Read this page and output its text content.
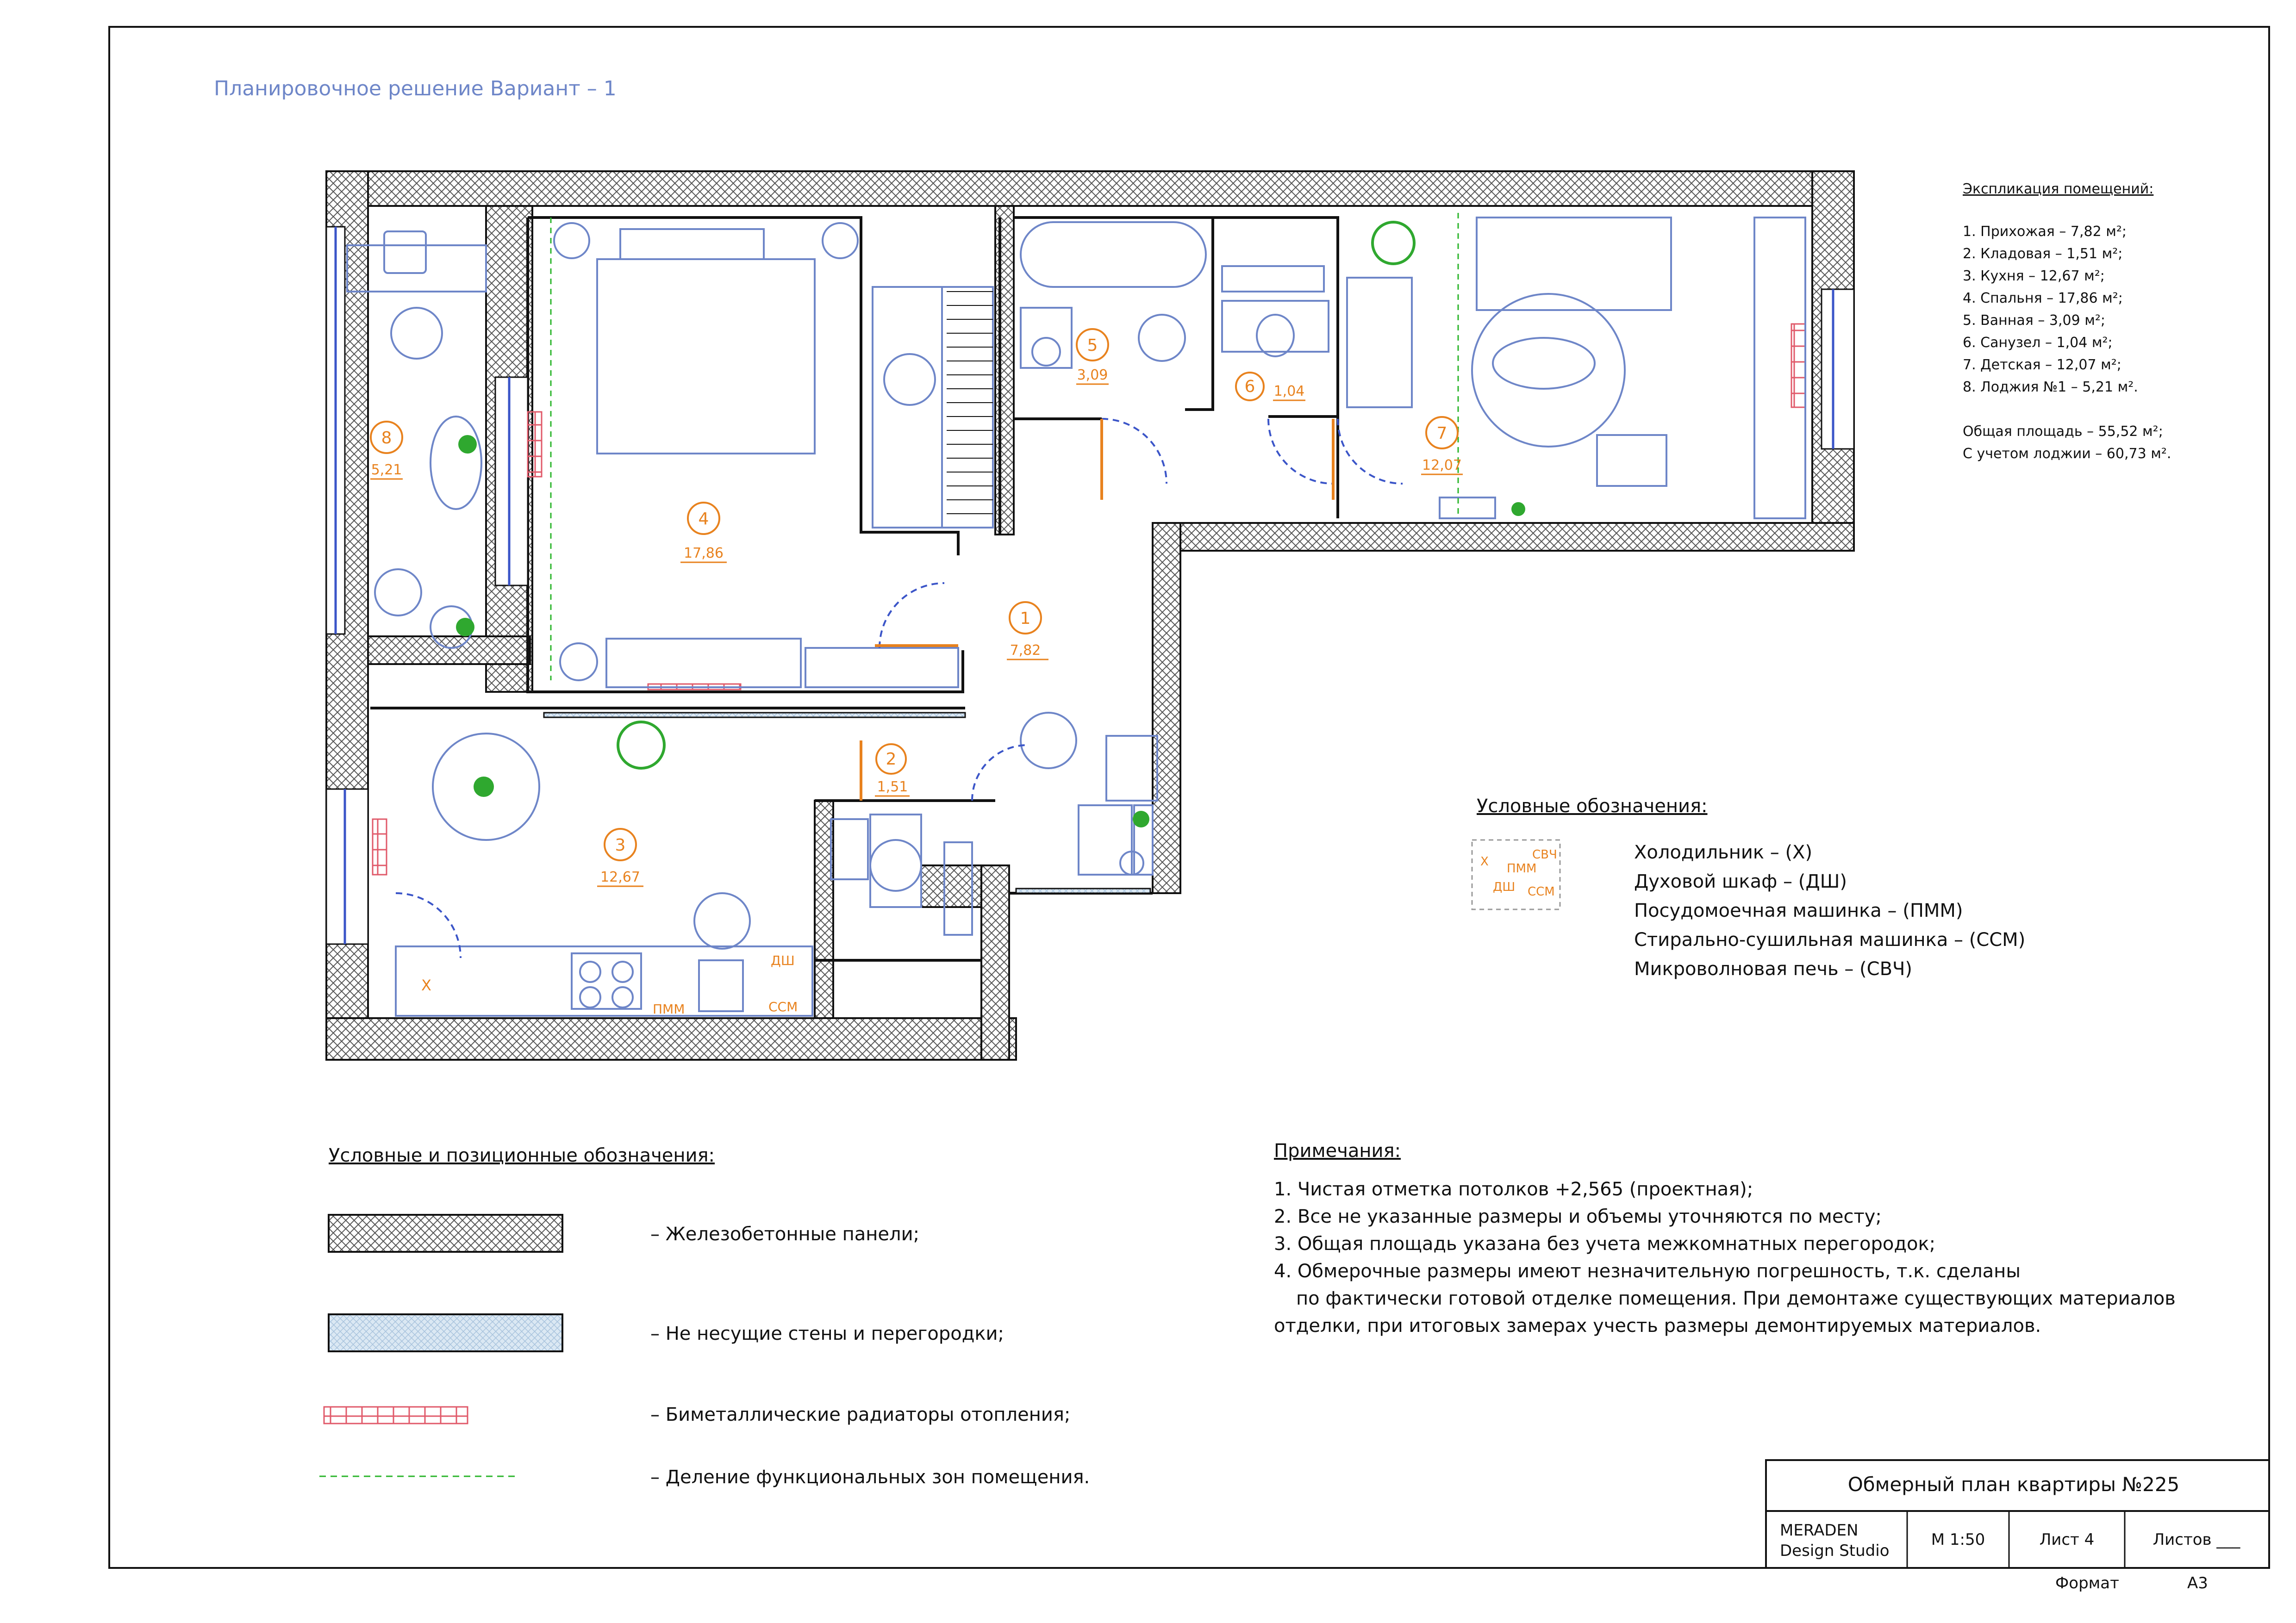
Планировочное решение Вариант – 1
1
7,82
2
1,51
3
12,67
4
17,86
5
3,09
6 1,04
7
12,07
8
5,21
Х
ПММ
ДШ
ССМ
Экспликация помещений:
1. Прихожая – 7,82 м²;
2. Кладовая – 1,51 м²;
3. Кухня – 12,67 м²;
4. Спальня – 17,86 м²;
5. Ванная – 3,09 м²;
6. Санузел – 1,04 м²;
7. Детская – 12,07 м²;
8. Лоджия №1 – 5,21 м².
Общая площадь – 55,52 м²;
С учетом лоджии – 60,73 м².
Условные обозначения:
Х ПММ
СВЧ
ДШ ССМ
Холодильник – (Х)
Духовой шкаф – (ДШ)
Посудомоечная машинка – (ПММ)
Стирально-сушильная машинка – (ССМ)
Микроволновая печь – (СВЧ)
Условные и позиционные обозначения:
– Железобетонные панели;
– Не несущие стены и перегородки;
– Биметаллические радиаторы отопления;
– Деление функциональных зон помещения.
Примечания:
1. Чистая отметка потолков +2,565 (проектная);
2. Все не указанные размеры и объемы уточняются по месту;
3. Общая площадь указана без учета межкомнатных перегородок;
4. Обмерочные размеры имеют незначительную погрешность, т.к. сделаны
по фактически готовой отделке помещения. При демонтаже существующих материалов
отделки, при итоговых замерах учесть размеры демонтируемых материалов.
Обмерный план квартиры №225
MERADEN
Design Studio
М 1:50	Лист 4	Листов ___
Формат	А3
